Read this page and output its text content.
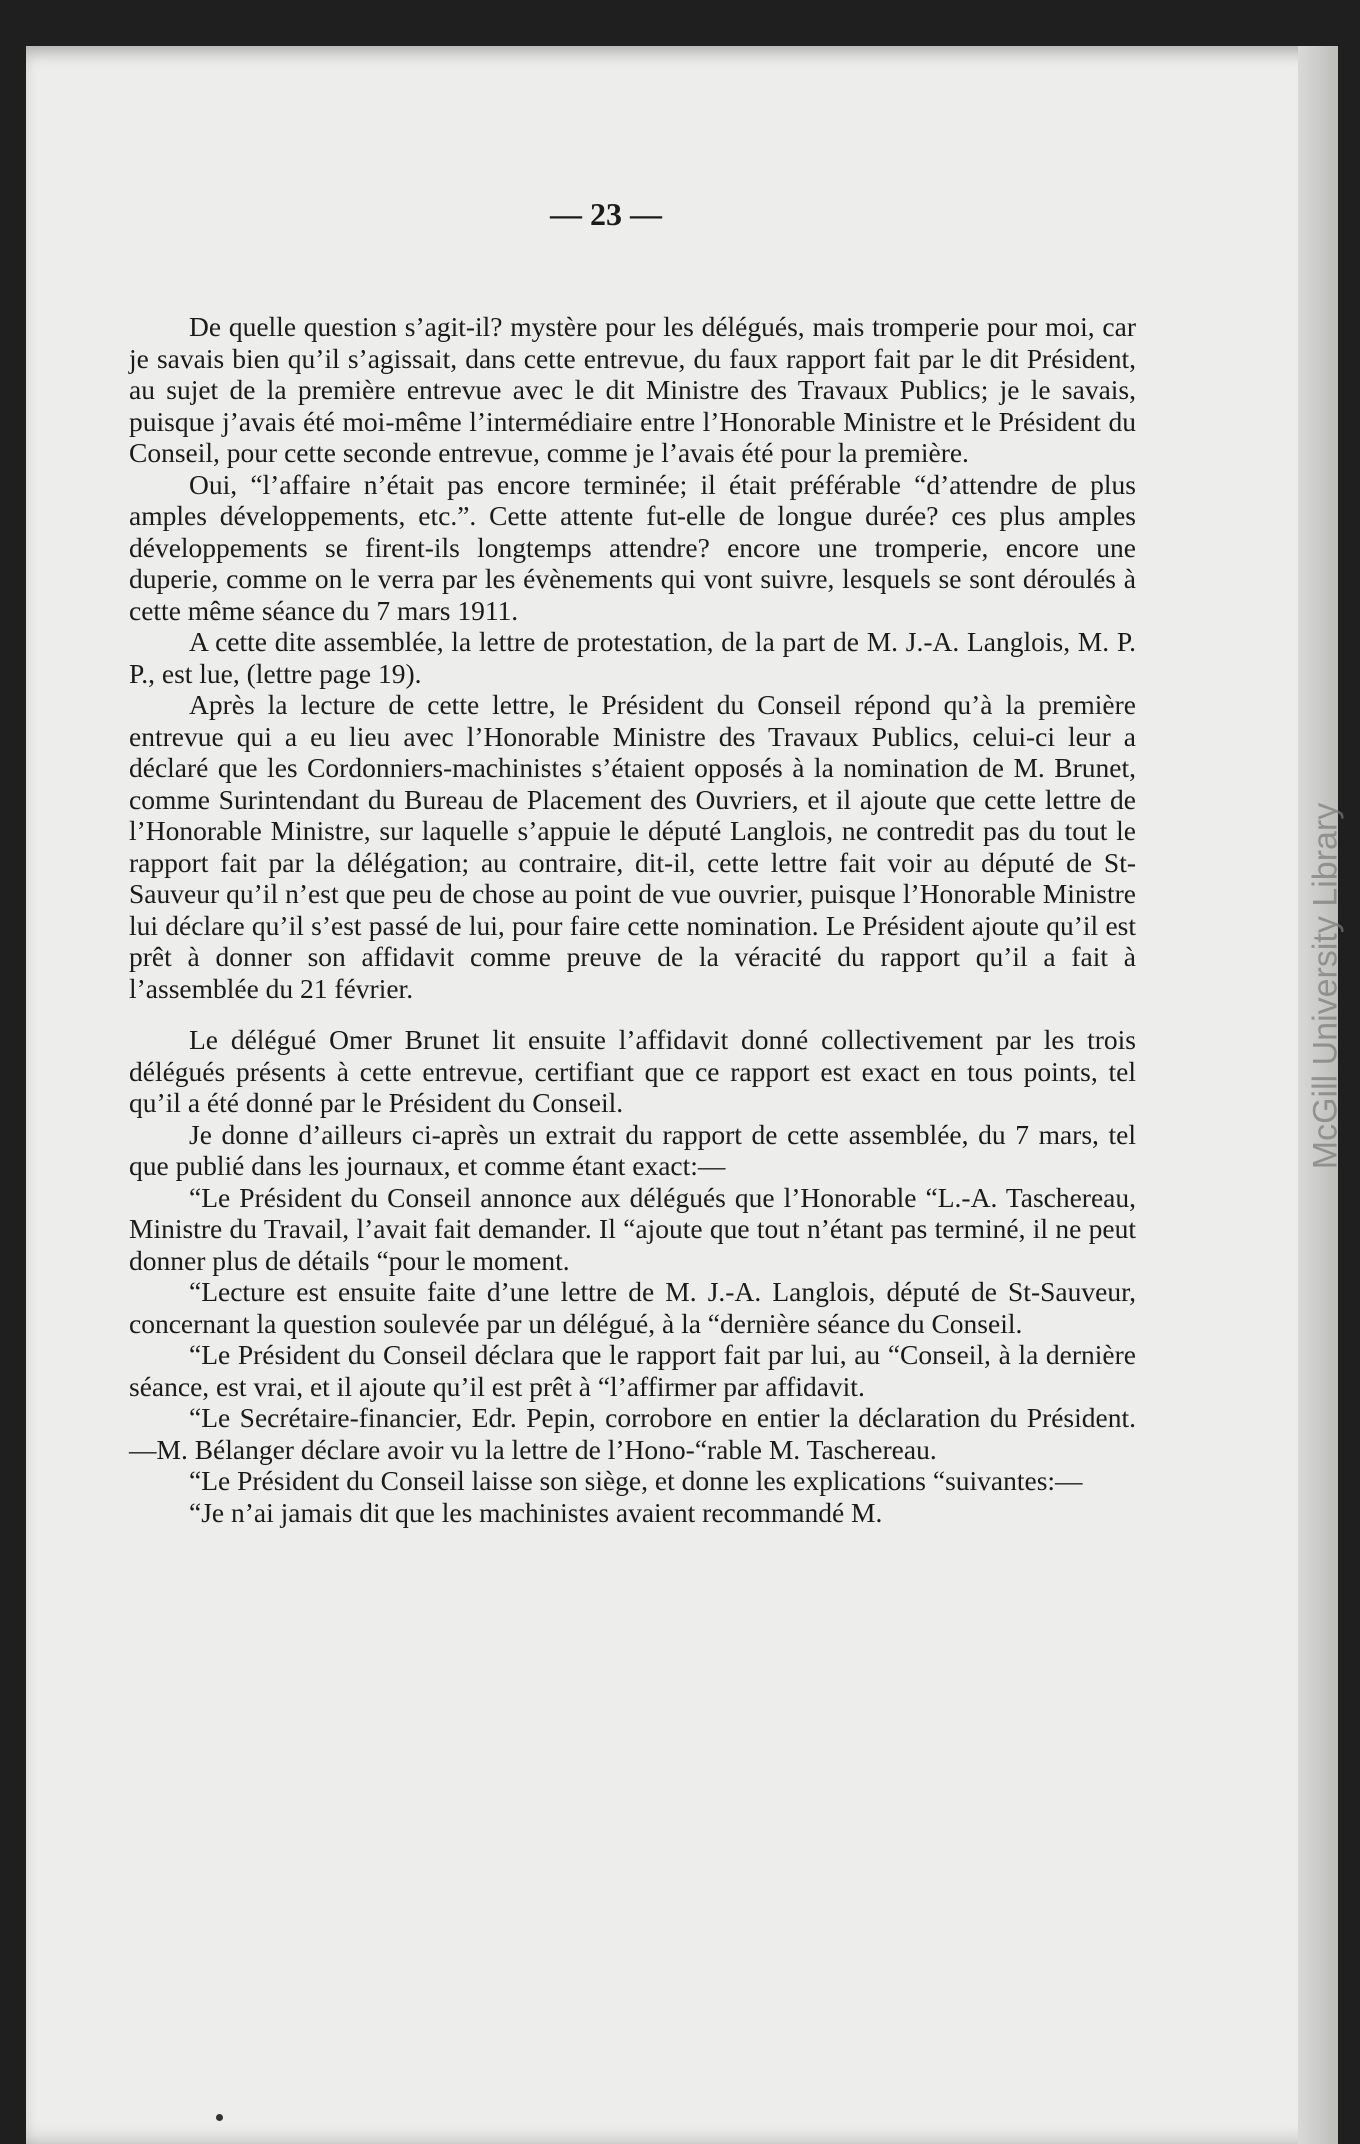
— 23 —

De quelle question s’agit-il? mystère pour les délégués, mais tromperie pour moi, car je savais bien qu’il s’agissait, dans cette entrevue, du faux rapport fait par le dit Président, au sujet de la première entrevue avec le dit Ministre des Travaux Publics; je le savais, puisque j’avais été moi-même l’intermédiaire entre l’Honorable Ministre et le Président du Conseil, pour cette seconde entrevue, comme je l’avais été pour la première.

Oui, “l’affaire n’était pas encore terminée; il était préférable “d’attendre de plus amples développements, etc.”. Cette attente fut-elle de longue durée? ces plus amples développements se firent-ils longtemps attendre? encore une tromperie, encore une duperie, comme on le verra par les évènements qui vont suivre, lesquels se sont déroulés à cette même séance du 7 mars 1911.

A cette dite assemblée, la lettre de protestation, de la part de M. J.-A. Langlois, M. P. P., est lue, (lettre page 19).

Après la lecture de cette lettre, le Président du Conseil répond qu’à la première entrevue qui a eu lieu avec l’Honorable Ministre des Travaux Publics, celui-ci leur a déclaré que les Cordonniers-machinistes s’étaient opposés à la nomination de M. Brunet, comme Surintendant du Bureau de Placement des Ouvriers, et il ajoute que cette lettre de l’Honorable Ministre, sur laquelle s’appuie le député Langlois, ne contredit pas du tout le rapport fait par la délégation; au contraire, dit-il, cette lettre fait voir au député de St-Sauveur qu’il n’est que peu de chose au point de vue ouvrier, puisque l’Honorable Ministre lui déclare qu’il s’est passé de lui, pour faire cette nomination. Le Président ajoute qu’il est prêt à donner son affidavit comme preuve de la véracité du rapport qu’il a fait à l’assemblée du 21 février.

Le délégué Omer Brunet lit ensuite l’affidavit donné collectivement par les trois délégués présents à cette entrevue, certifiant que ce rapport est exact en tous points, tel qu’il a été donné par le Président du Conseil.

Je donne d’ailleurs ci-après un extrait du rapport de cette assemblée, du 7 mars, tel que publié dans les journaux, et comme étant exact:—

“Le Président du Conseil annonce aux délégués que l’Honorable “L.-A. Taschereau, Ministre du Travail, l’avait fait demander. Il “ajoute que tout n’étant pas terminé, il ne peut donner plus de détails “pour le moment.

“Lecture est ensuite faite d’une lettre de M. J.-A. Langlois, député de St-Sauveur, concernant la question soulevée par un délégué, à la “dernière séance du Conseil.

“Le Président du Conseil déclara que le rapport fait par lui, au “Conseil, à la dernière séance, est vrai, et il ajoute qu’il est prêt à “l’affirmer par affidavit.

“Le Secrétaire-financier, Edr. Pepin, corrobore en entier la déclaration du Président.—M. Bélanger déclare avoir vu la lettre de l’Hono-“rable M. Taschereau.

“Le Président du Conseil laisse son siège, et donne les explications “suivantes:—

“Je n’ai jamais dit que les machinistes avaient recommandé M.

McGill University Library
